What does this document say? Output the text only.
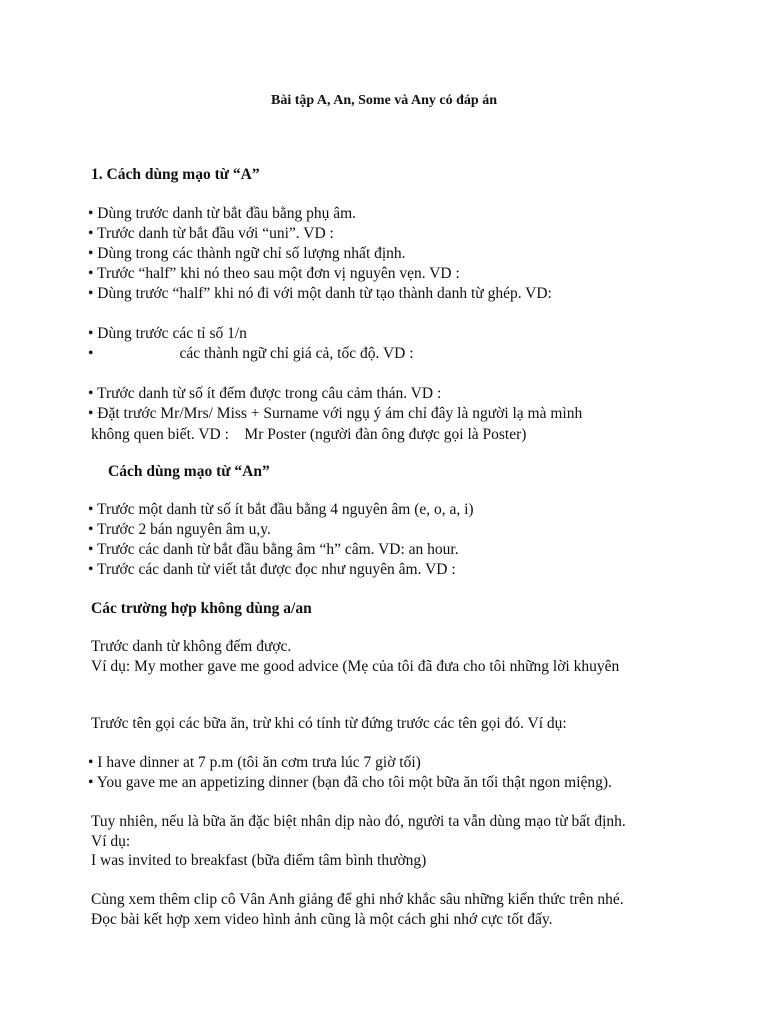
Bài tập A, An, Some và Any có đáp án
1. Cách dùng mạo từ “A”
• Dùng trước danh từ bắt đầu bằng phụ âm.
• Trước danh từ bắt đầu với “uni”. VD :
• Dùng trong các thành ngữ chỉ số lượng nhất định.
• Trước “half” khi nó theo sau một đơn vị nguyên vẹn. VD :
• Dùng trước “half” khi nó đi với một danh từ tạo thành danh từ ghép. VD:
• Dùng trước các tỉ số 1/n
•	các thành ngữ chỉ giá cả, tốc độ. VD :
• Trước danh từ số ít đếm được trong câu cảm thán. VD :
• Đặt trước Mr/Mrs/ Miss + Surname với ngụ ý ám chỉ đây là người lạ mà mình
không quen biết. VD :    Mr Poster (người đàn ông được gọi là Poster)
Cách dùng mạo từ “An”
• Trước một danh từ số ít bắt đầu bằng 4 nguyên âm (e, o, a, i)
• Trước 2 bán nguyên âm u,y.
• Trước các danh từ bắt đầu bằng âm “h” câm. VD: an hour.
• Trước các danh từ viết tắt được đọc như nguyên âm. VD :
Các trường hợp không dùng a/an
Trước danh từ không đếm được.
Ví dụ: My mother gave me good advice (Mẹ của tôi đã đưa cho tôi những lời khuyên
Trước tên gọi các bữa ăn, trừ khi có tính từ đứng trước các tên gọi đó. Ví dụ:
• I have dinner at 7 p.m (tôi ăn cơm trưa lúc 7 giờ tối)
• You gave me an appetizing dinner (bạn đã cho tôi một bữa ăn tối thật ngon miệng).
Tuy nhiên, nếu là bữa ăn đặc biệt nhân dịp nào đó, người ta vẫn dùng mạo từ bất định.
Ví dụ:
I was invited to breakfast (bữa điểm tâm bình thường)
Cùng xem thêm clip cô Vân Anh giảng để ghi nhớ khắc sâu những kiến thức trên nhé.
Đọc bài kết hợp xem video hình ảnh cũng là một cách ghi nhớ cực tốt đấy.
